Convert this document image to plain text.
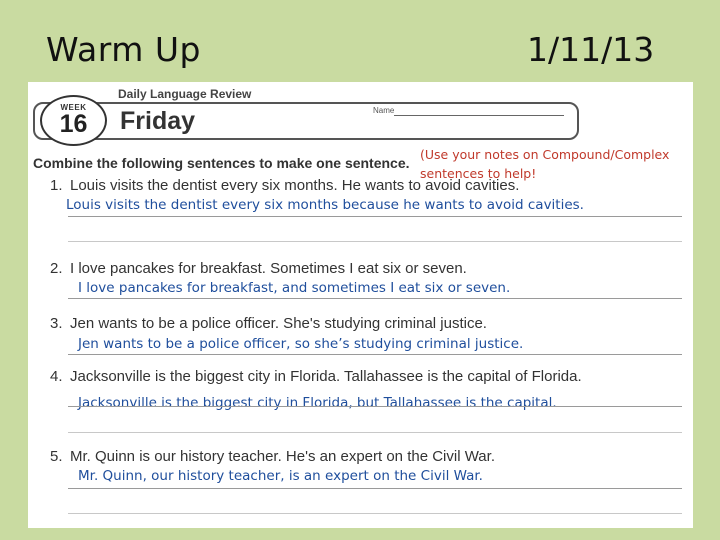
Warm Up	1/11/13
Daily Language Review
WEEK
16	Friday	Name
Combine the following sentences to make one sentence.
(Use your notes on Compound/Complex sentences to help!
1. Louis visits the dentist every six months. He wants to avoid cavities.
Louis visits the dentist every six months because he wants to avoid cavities.
2. I love pancakes for breakfast. Sometimes I eat six or seven.
I love pancakes for breakfast, and sometimes I eat six or seven.
3. Jen wants to be a police officer. She's studying criminal justice.
Jen wants to be a police officer, so she’s studying criminal justice.
4. Jacksonville is the biggest city in Florida. Tallahassee is the capital of Florida.
Jacksonville is the biggest city in Florida, but Tallahassee is the capital.
5. Mr. Quinn is our history teacher. He's an expert on the Civil War.
Mr. Quinn, our history teacher, is an expert on the Civil War.
